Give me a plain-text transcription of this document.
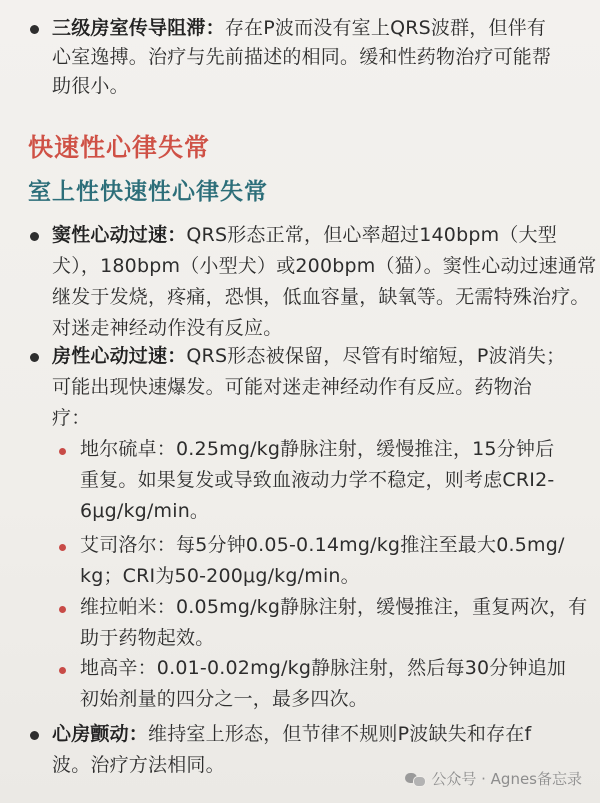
三级房室传导阻滞：存在P波而没有室上QRS波群，但伴有
心室逸搏。治疗与先前描述的相同。缓和性药物治疗可能帮
助很小。
快速性心律失常
室上性快速性心律失常
窦性心动过速：QRS形态正常，但心率超过140bpm（大型
犬），180bpm（小型犬）或200bpm（猫）。窦性心动过速通常
继发于发烧，疼痛，恐惧，低血容量，缺氧等。无需特殊治疗。
对迷走神经动作没有反应。
房性心动过速：QRS形态被保留，尽管有时缩短，P波消失；
可能出现快速爆发。可能对迷走神经动作有反应。药物治
疗：
地尔硫卓：0.25mg/kg静脉注射，缓慢推注，15分钟后
重复。如果复发或导致血液动力学不稳定，则考虑CRI2-
6μg/kg/min。
艾司洛尔：每5分钟0.05-0.14mg/kg推注至最大0.5mg/
kg；CRI为50-200μg/kg/min。
维拉帕米：0.05mg/kg静脉注射，缓慢推注，重复两次，有
助于药物起效。
地高辛：0.01-0.02mg/kg静脉注射，然后每30分钟追加
初始剂量的四分之一，最多四次。
心房颤动：维持室上形态，但节律不规则P波缺失和存在f
波。治疗方法相同。
公众号 · Agnes备忘录
